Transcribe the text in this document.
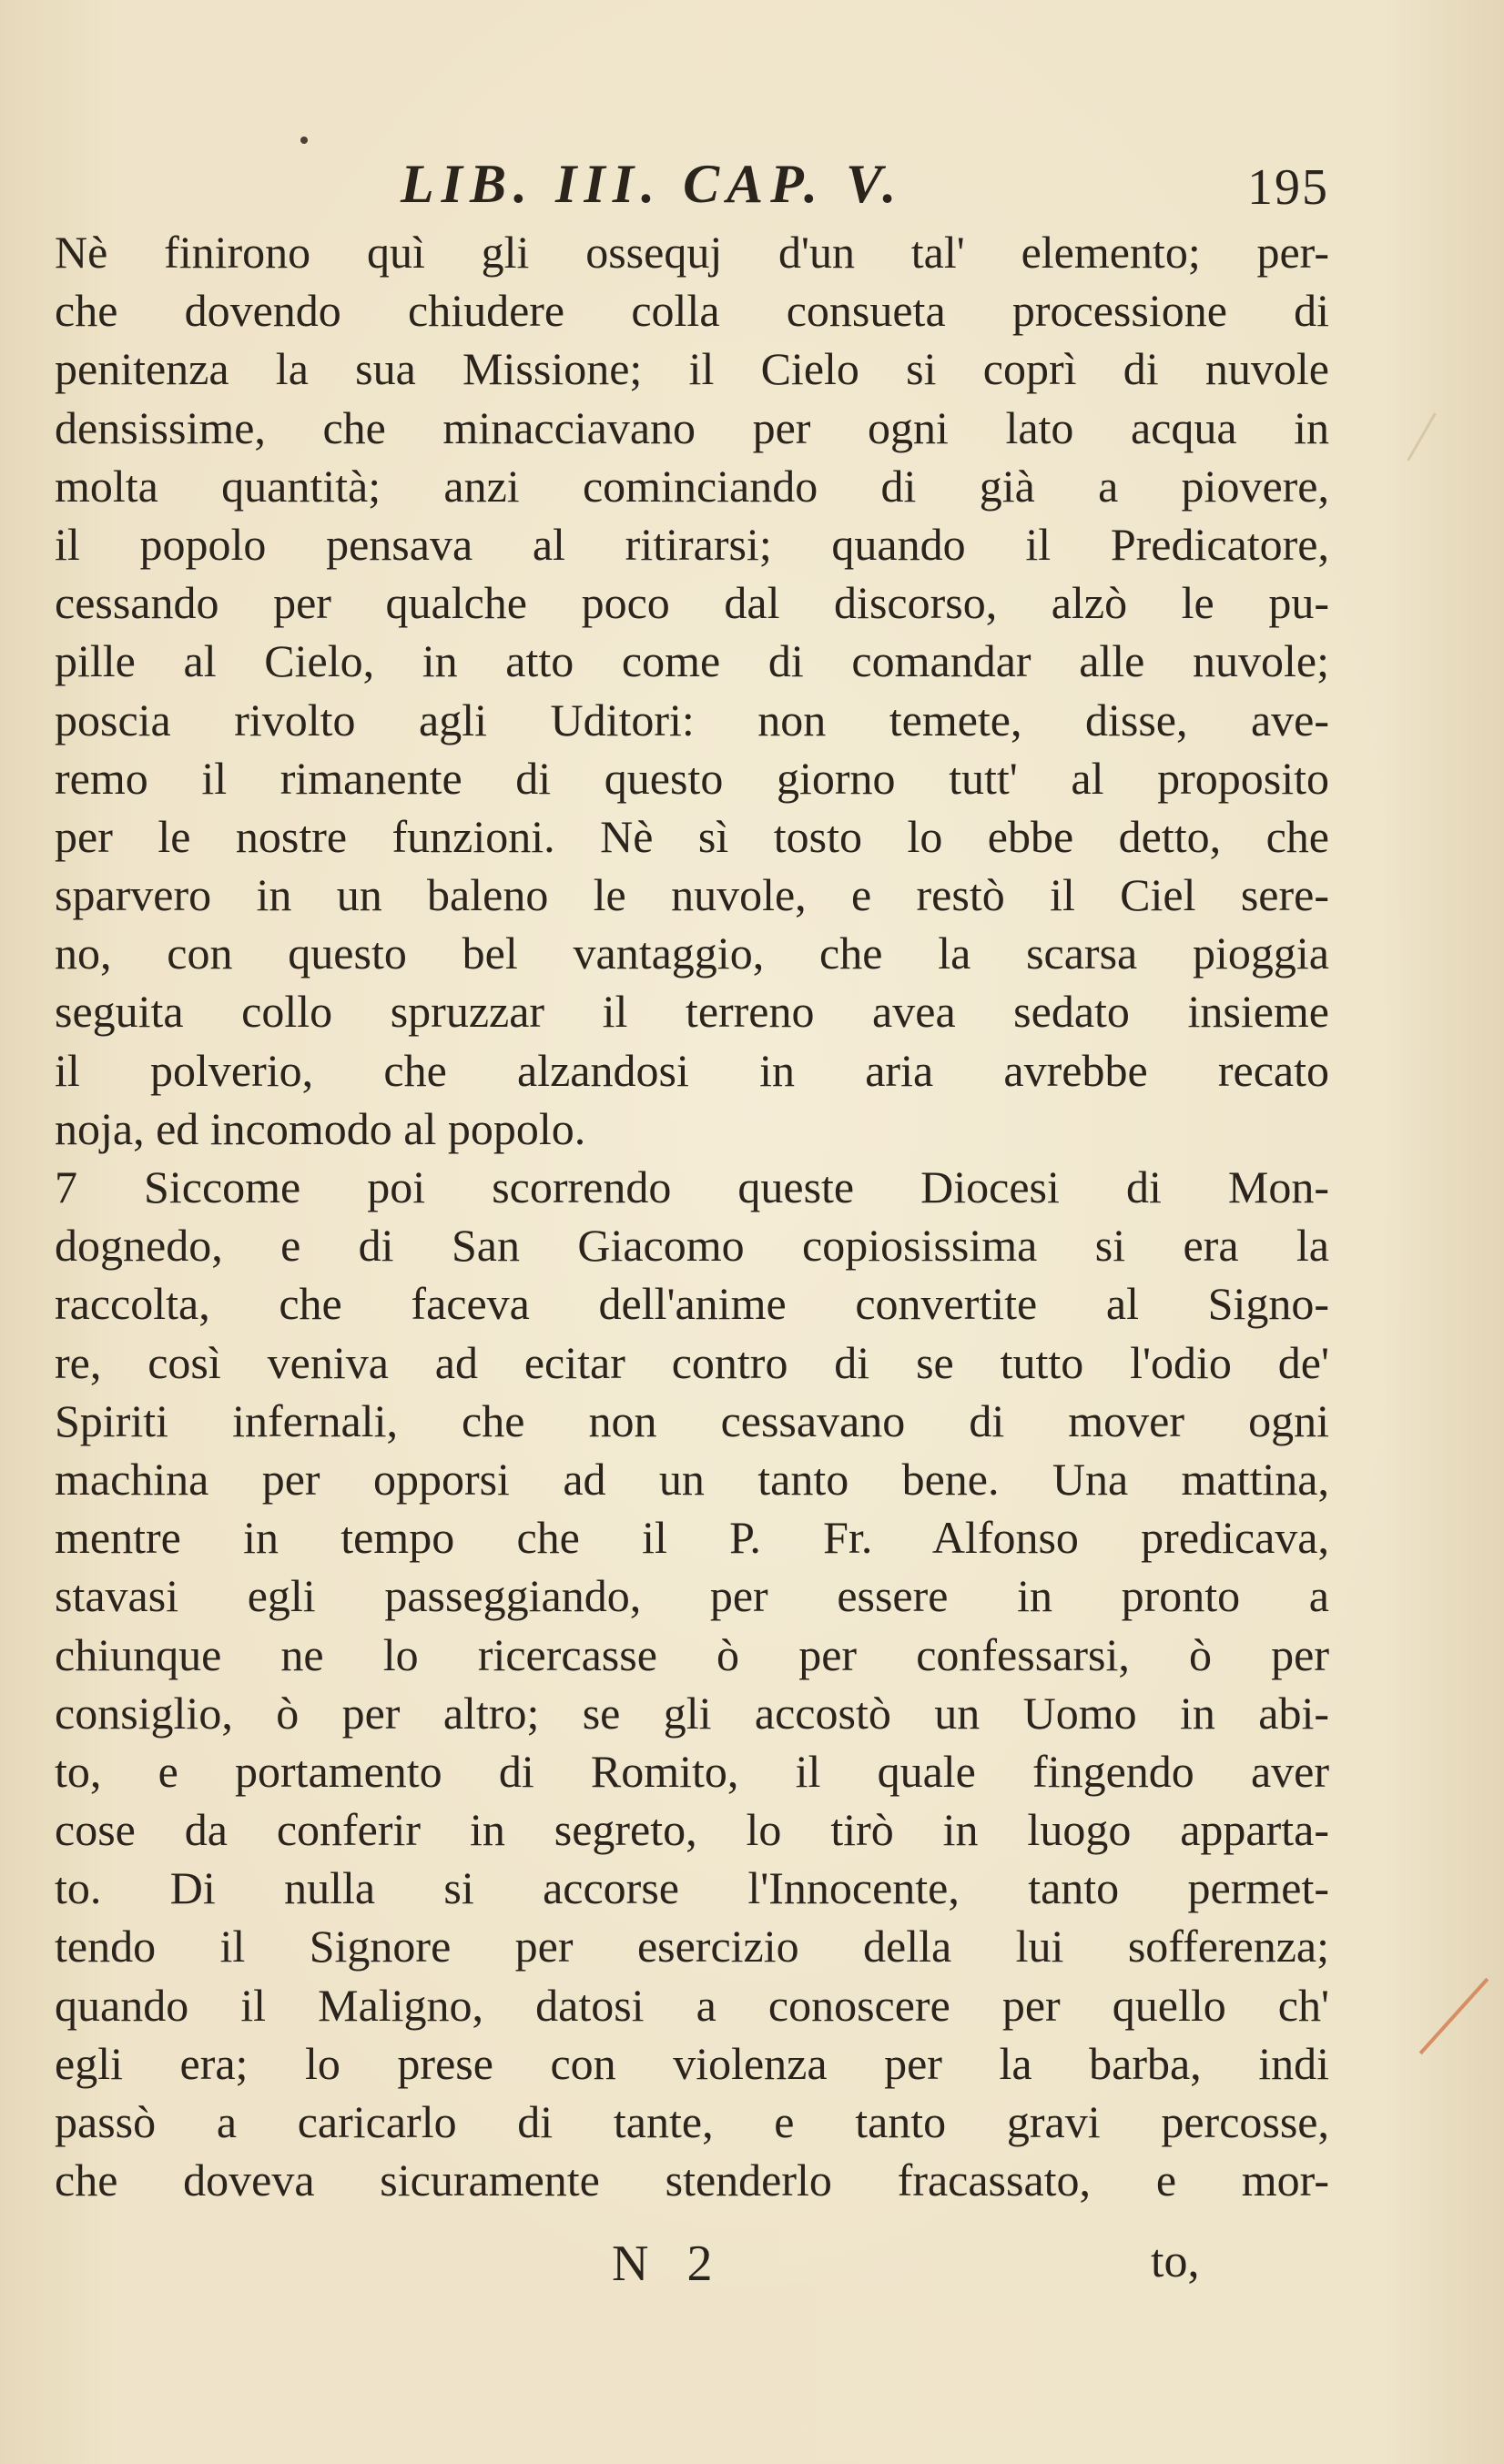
LIB. III. CAP. V.	195
Nè finirono quì gli ossequj d'un tal' elemento; per-
che dovendo chiudere colla consueta processione di
penitenza la sua Missione; il Cielo si coprì di nuvole
densissime, che minacciavano per ogni lato acqua in
molta quantità; anzi cominciando di già a piovere,
il popolo pensava al ritirarsi; quando il Predicatore,
cessando per qualche poco dal discorso, alzò le pu-
pille al Cielo, in atto come di comandar alle nuvole;
poscia rivolto agli Uditori: non temete, disse, ave-
remo il rimanente di questo giorno tutt' al proposito
per le nostre funzioni. Nè sì tosto lo ebbe detto, che
sparvero in un baleno le nuvole, e restò il Ciel sere-
no, con questo bel vantaggio, che la scarsa pioggia
seguita collo spruzzar il terreno avea sedato insieme
il polverio, che alzandosi in aria avrebbe recato
noja, ed incomodo al popolo.
7 Siccome poi scorrendo queste Diocesi di Mon-
dognedo, e di San Giacomo copiosissima si era la
raccolta, che faceva dell'anime convertite al Signo-
re, così veniva ad ecitar contro di se tutto l'odio de'
Spiriti infernali, che non cessavano di mover ogni
machina per opporsi ad un tanto bene. Una mattina,
mentre in tempo che il P. Fr. Alfonso predicava,
stavasi egli passeggiando, per essere in pronto a
chiunque ne lo ricercasse ò per confessarsi, ò per
consiglio, ò per altro; se gli accostò un Uomo in abi-
to, e portamento di Romito, il quale fingendo aver
cose da conferir in segreto, lo tirò in luogo apparta-
to. Di nulla si accorse l'Innocente, tanto permet-
tendo il Signore per esercizio della lui sofferenza;
quando il Maligno, datosi a conoscere per quello ch'
egli era; lo prese con violenza per la barba, indi
passò a caricarlo di tante, e tanto gravi percosse,
che doveva sicuramente stenderlo fracassato, e mor-
N 2	to,
